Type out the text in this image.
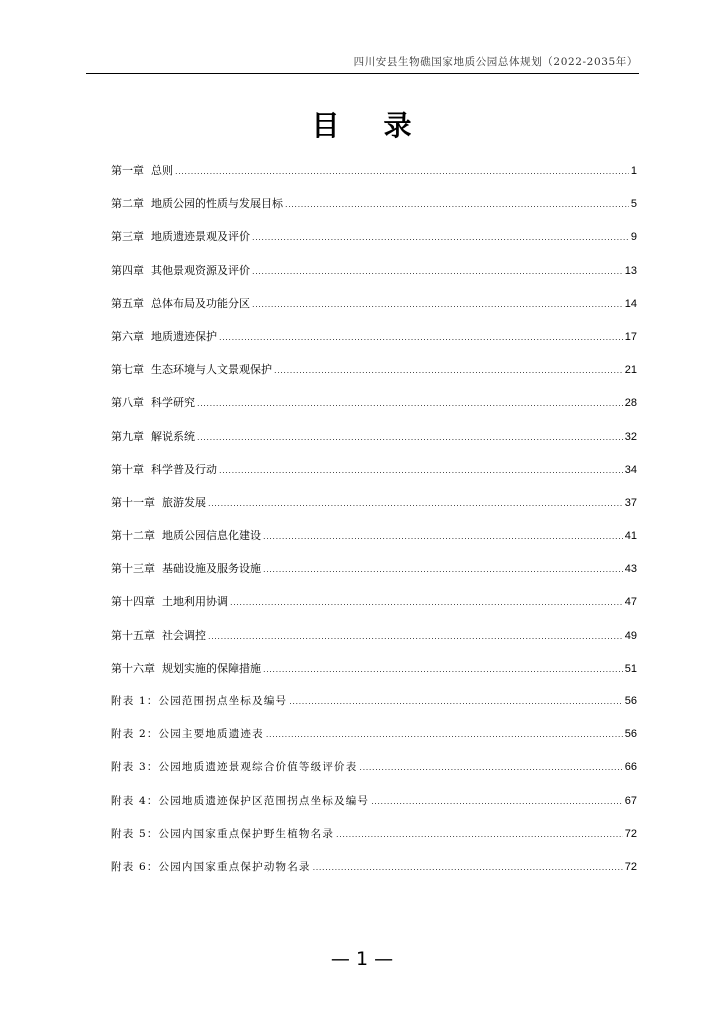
四川安县生物礁国家地质公园总体规划（2022-2035年）
目    录
第一章  总则 .....	1
第二章  地质公园的性质与发展目标 .....	5
第三章  地质遗迹景观及评价 .....	9
第四章  其他景观资源及评价 .....	13
第五章  总体布局及功能分区 .....	14
第六章  地质遗迹保护 .....	17
第七章  生态环境与人文景观保护 .....	21
第八章  科学研究 .....	28
第九章  解说系统 .....	32
第十章  科学普及行动 .....	34
第十一章  旅游发展 .....	37
第十二章  地质公园信息化建设 .....	41
第十三章  基础设施及服务设施 .....	43
第十四章  土地利用协调 .....	47
第十五章  社会调控 .....	49
第十六章  规划实施的保障措施 .....	51
附表 1：公园范围拐点坐标及编号 .....	56
附表 2：公园主要地质遗迹表 .....	56
附表 3：公园地质遗迹景观综合价值等级评价表 .....	66
附表 4：公园地质遗迹保护区范围拐点坐标及编号 .....	67
附表 5：公园内国家重点保护野生植物名录 .....	72
附表 6：公园内国家重点保护动物名录 .....	72
— 1 —
